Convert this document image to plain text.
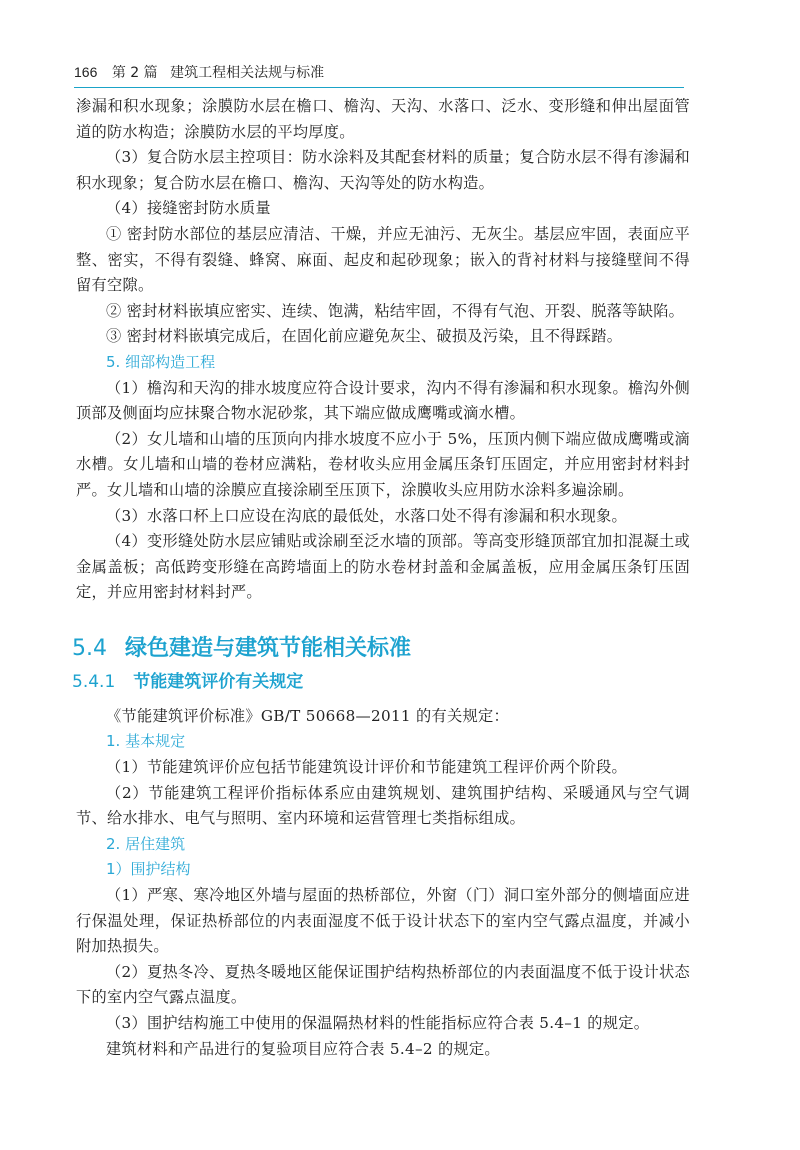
166 第 2 篇 建筑工程相关法规与标准

渗漏和积水现象；涂膜防水层在檐口、檐沟、天沟、水落口、泛水、变形缝和伸出屋面管道的防水构造；涂膜防水层的平均厚度。

（3）复合防水层主控项目：防水涂料及其配套材料的质量；复合防水层不得有渗漏和积水现象；复合防水层在檐口、檐沟、天沟等处的防水构造。

（4）接缝密封防水质量

① 密封防水部位的基层应清洁、干燥，并应无油污、无灰尘。基层应牢固，表面应平整、密实，不得有裂缝、蜂窝、麻面、起皮和起砂现象；嵌入的背衬材料与接缝壁间不得留有空隙。

② 密封材料嵌填应密实、连续、饱满，粘结牢固，不得有气泡、开裂、脱落等缺陷。

③ 密封材料嵌填完成后，在固化前应避免灰尘、破损及污染，且不得踩踏。

5. 细部构造工程

（1）檐沟和天沟的排水坡度应符合设计要求，沟内不得有渗漏和积水现象。檐沟外侧顶部及侧面均应抹聚合物水泥砂浆，其下端应做成鹰嘴或滴水槽。

（2）女儿墙和山墙的压顶向内排水坡度不应小于 5%，压顶内侧下端应做成鹰嘴或滴水槽。女儿墙和山墙的卷材应满粘，卷材收头应用金属压条钉压固定，并应用密封材料封严。女儿墙和山墙的涂膜应直接涂刷至压顶下，涂膜收头应用防水涂料多遍涂刷。

（3）水落口杯上口应设在沟底的最低处，水落口处不得有渗漏和积水现象。

（4）变形缝处防水层应铺贴或涂刷至泛水墙的顶部。等高变形缝顶部宜加扣混凝土或金属盖板；高低跨变形缝在高跨墙面上的防水卷材封盖和金属盖板，应用金属压条钉压固定，并应用密封材料封严。

5.4 绿色建造与建筑节能相关标准
5.4.1 节能建筑评价有关规定

《节能建筑评价标准》GB/T 50668—2011 的有关规定：

1. 基本规定

（1）节能建筑评价应包括节能建筑设计评价和节能建筑工程评价两个阶段。

（2）节能建筑工程评价指标体系应由建筑规划、建筑围护结构、采暖通风与空气调节、给水排水、电气与照明、室内环境和运营管理七类指标组成。

2. 居住建筑

1）围护结构

（1）严寒、寒冷地区外墙与屋面的热桥部位，外窗（门）洞口室外部分的侧墙面应进行保温处理，保证热桥部位的内表面湿度不低于设计状态下的室内空气露点温度，并减小附加热损失。

（2）夏热冬冷、夏热冬暖地区能保证围护结构热桥部位的内表面温度不低于设计状态下的室内空气露点温度。

（3）围护结构施工中使用的保温隔热材料的性能指标应符合表 5.4–1 的规定。

建筑材料和产品进行的复验项目应符合表 5.4–2 的规定。
